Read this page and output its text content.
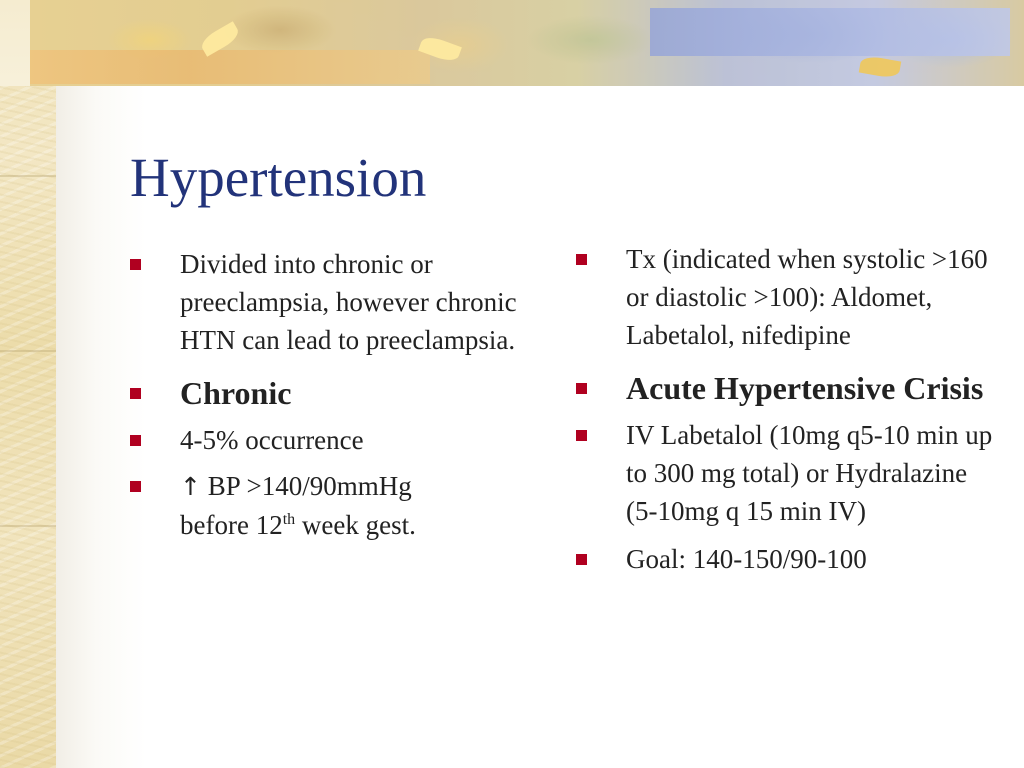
Hypertension
Divided into chronic or preeclampsia, however chronic HTN can lead to preeclampsia.
Chronic
4-5% occurrence
↑ BP >140/90mmHg
before 12th week gest.
Tx (indicated when systolic >160 or diastolic >100): Aldomet, Labetalol, nifedipine
Acute Hypertensive Crisis
IV Labetalol (10mg q5-10 min up to 300 mg total) or Hydralazine (5-10mg q 15 min IV)
Goal: 140-150/90-100
